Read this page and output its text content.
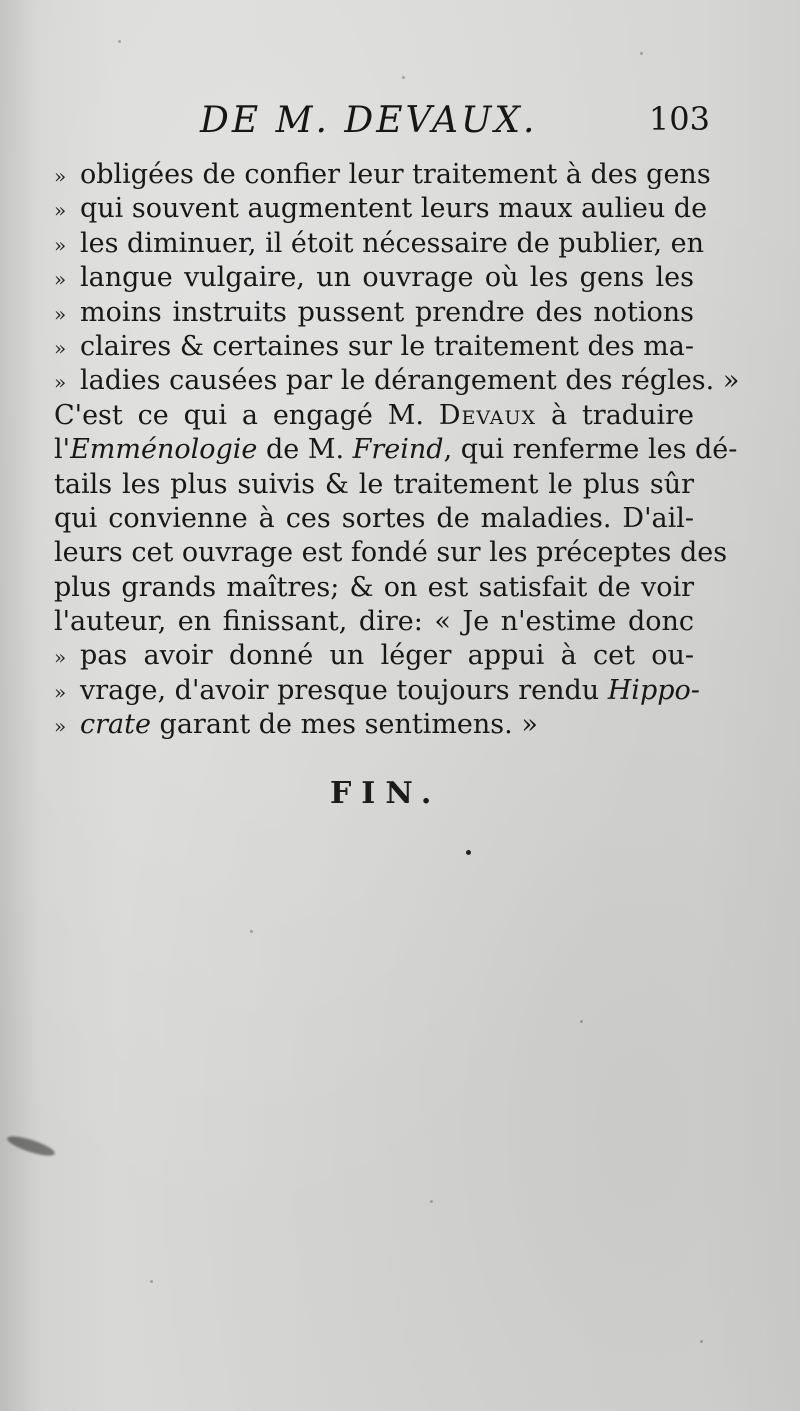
DE M. DEVAUX.	103
» obligées de confier leur traitement à des gens
» qui souvent augmentent leurs maux aulieu de
» les diminuer, il étoit nécessaire de publier, en
» langue vulgaire, un ouvrage où les gens les
» moins instruits pussent prendre des notions
» claires & certaines sur le traitement des ma-
» ladies causées par le dérangement des régles. »
C'est ce qui a engagé M. Devaux à traduire
l'Emménologie de M. Freind, qui renferme les dé-
tails les plus suivis & le traitement le plus sûr
qui convienne à ces sortes de maladies. D'ail-
leurs cet ouvrage est fondé sur les préceptes des
plus grands maîtres; & on est satisfait de voir
l'auteur, en finissant, dire: « Je n'estime donc
» pas avoir donné un léger appui à cet ou-
» vrage, d'avoir presque toujours rendu Hippo-
» crate garant de mes sentimens. »
FIN.
